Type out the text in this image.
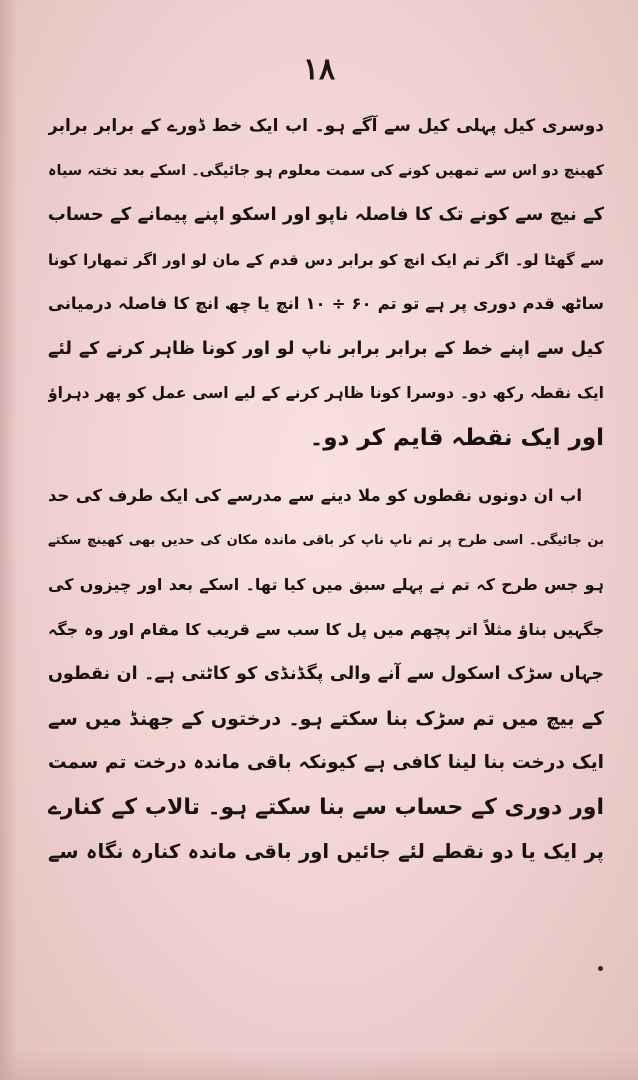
۱۸
دوسری کیل پہلی کیل سے آگے ہو۔ اب ایک خط ڈورے کے برابر برابر
کھینچ دو اس سے تمھیں کونے کی سمت معلوم ہو جائیگی۔ اسکے بعد تختہ سیاہ
کے نیچ سے کونے تک کا فاصلہ ناپو اور اسکو اپنے پیمانے کے حساب
سے گھٹا لو۔ اگر تم ایک انچ کو برابر دس قدم کے مان لو اور اگر تمھارا کونا
ساٹھ قدم دوری پر ہے تو تم ۶۰ ÷ ۱۰ انچ یا چھ انچ کا فاصلہ درمیانی
کیل سے اپنے خط کے برابر برابر ناپ لو اور کونا ظاہر کرنے کے لئے
ایک نقطہ رکھ دو۔ دوسرا کونا ظاہر کرنے کے لیے اسی عمل کو پھر دہراؤ
اور ایک نقطہ قایم کر دو۔
اب ان دونوں نقطوں کو ملا دینے سے مدرسے کی ایک طرف کی حد
بن جائیگی۔ اسی طرح پر تم ناپ ناپ کر باقی ماندہ مکان کی حدیں بھی کھینچ سکتے
ہو جس طرح کہ تم نے پہلے سبق میں کیا تھا۔ اسکے بعد اور چیزوں کی
جگہیں بناؤ مثلاً اتر پچھم میں پل کا سب سے قریب کا مقام اور وہ جگہ
جہاں سڑک اسکول سے آنے والی پگڈنڈی کو کاٹتی ہے۔ ان نقطوں
کے بیچ میں تم سڑک بنا سکتے ہو۔ درختوں کے جھنڈ میں سے
ایک درخت بنا لینا کافی ہے کیونکہ باقی ماندہ درخت تم سمت
اور دوری کے حساب سے بنا سکتے ہو۔ تالاب کے کنارے
پر ایک یا دو نقطے لئے جائیں اور باقی ماندہ کنارہ نگاہ سے
